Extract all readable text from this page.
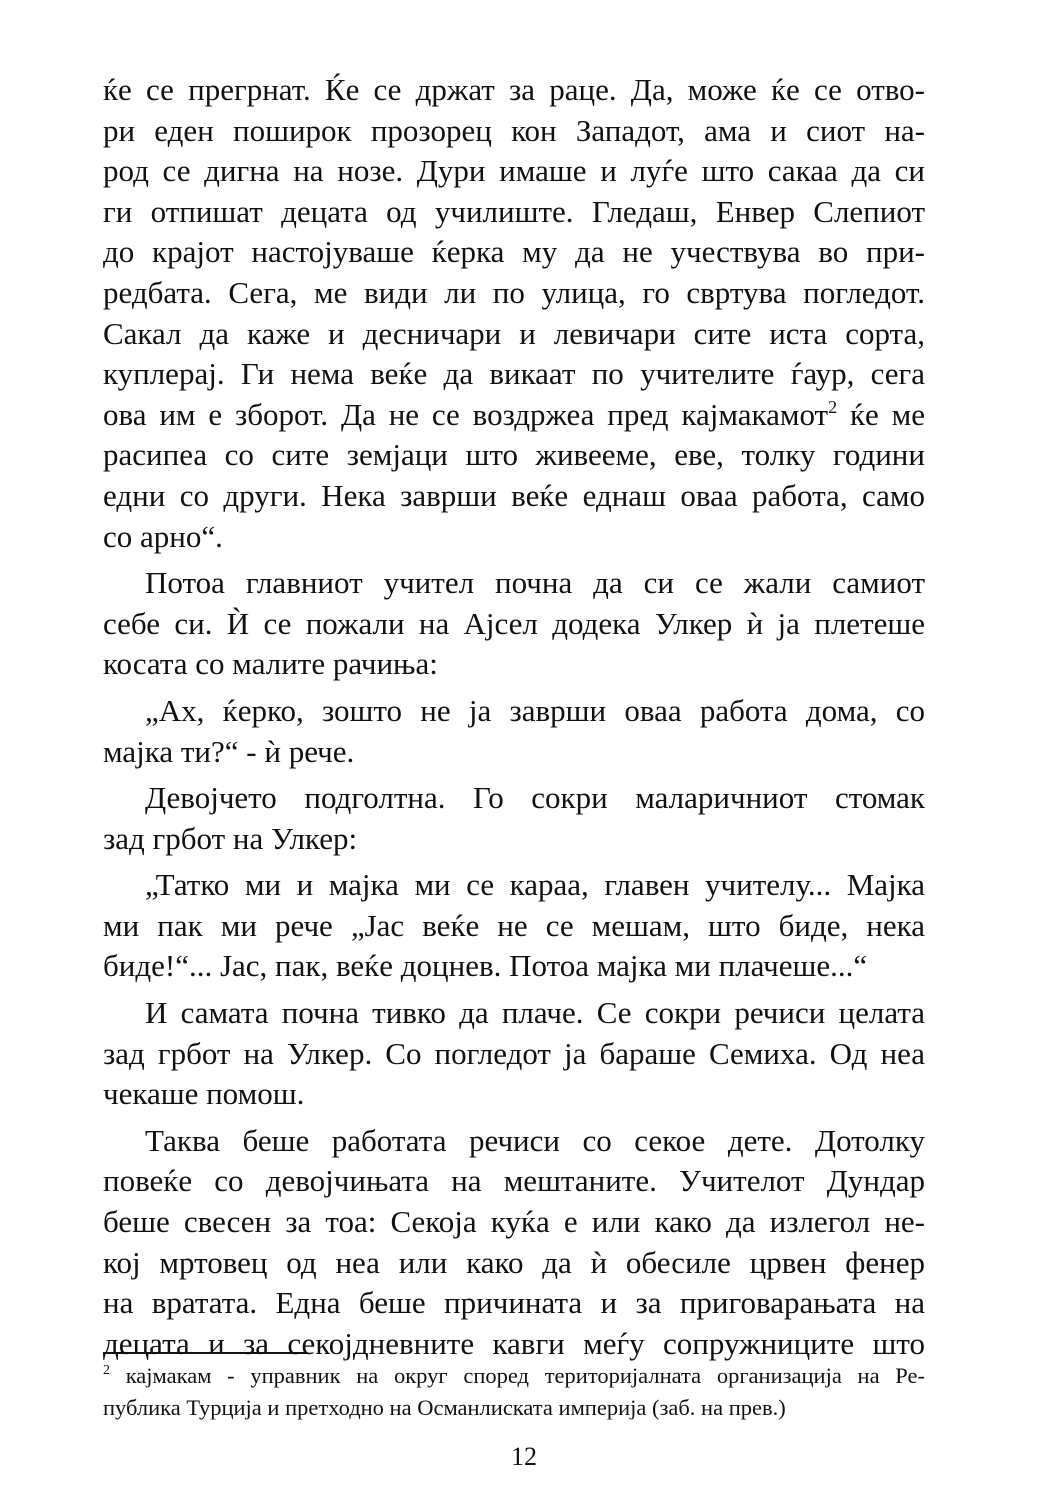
ќе се прегрнат. Ќе се држат за раце. Да, може ќе се отво-
ри еден поширок прозорец кон Западот, ама и сиот на-
род се дигна на нозе. Дури имаше и луѓе што сакаа да си
ги отпишат децата од училиште. Гледаш, Енвер Слепиот
до крајот настојуваше ќерка му да не учествува во при-
редбата. Сега, ме види ли по улица, го свртува погледот.
Сакал да каже и десничари и левичари сите иста сорта,
куплерај. Ги нема веќе да викаат по учителите ѓаур, сега
ова им е зборот. Да не се воздржеа пред кајмакамот$^2$ ќе ме
расипеа со сите земјаци што живееме, еве, толку години
едни со други. Нека заврши веќе еднаш оваа работа, само
со арно“.
Потоа главниот учител почна да си се жали самиот
себе си. Ѝ се пожали на Ајсел додека Улкер ѝ ја плетеше
косата со малите рачиња:
„Ах, ќерко, зошто не ја заврши оваа работа дома, со
мајка ти?“ - ѝ рече.
Девојчето подголтна. Го сокри маларичниот стомак
зад грбот на Улкер:
„Татко ми и мајка ми се караа, главен учителу... Мајка
ми пак ми рече „Јас веќе не се мешам, што биде, нека
биде!“... Јас, пак, веќе доцнев. Потоа мајка ми плачеше...“
И самата почна тивко да плаче. Се сокри речиси целата
зад грбот на Улкер. Со погледот ја бараше Семиха. Од неа
чекаше помош.
Таква беше работата речиси со секое дете. Дотолку
повеќе со девојчињата на мештаните. Учителот Дундар
беше свесен за тоа: Секоја куќа е или како да излегол не-
кој мртовец од неа или како да ѝ обесиле црвен фенер
на вратата. Една беше причината и за приговарањата на
децата и за секојдневните кавги меѓу сопружниците што
$^2$ кајмакам - управник на округ според територијалната организација на Ре-
публика Турција и претходно на Османлиската империја (заб. на прев.)
12
